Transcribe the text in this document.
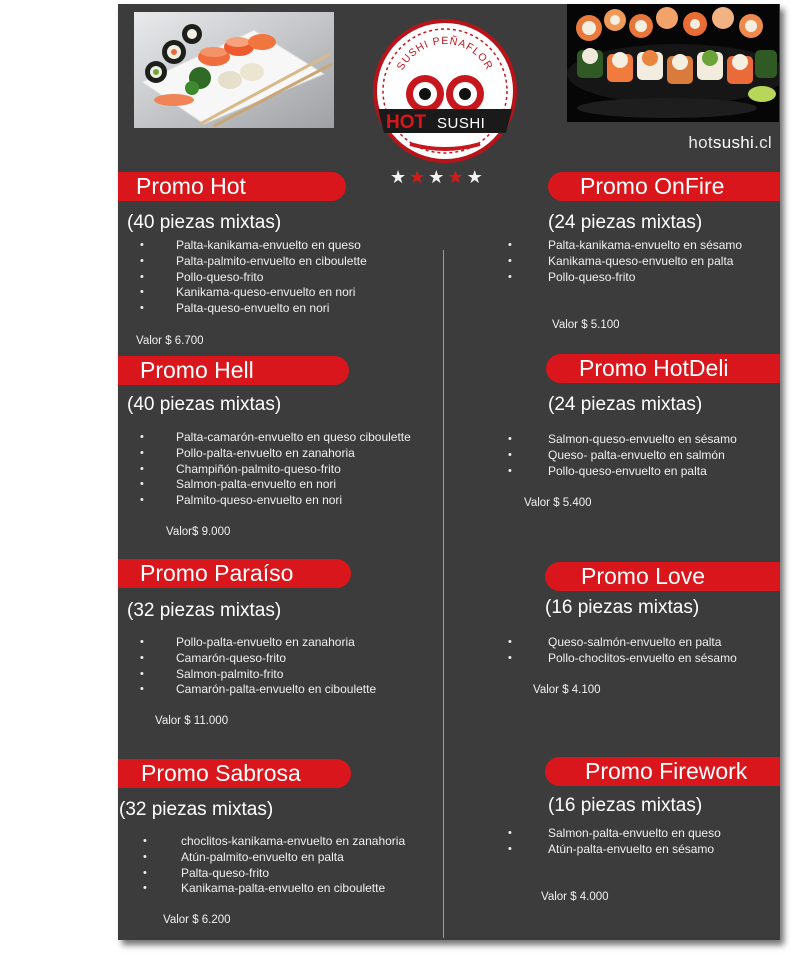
SUSHI PEÑAFLOR
HOT SUSHI
hotsushi.cl
★★★★★
Promo Hot
(40 piezas mixtas)
• Palta-kanikama-envuelto en queso
• Palta-palmito-envuelto en ciboulette
• Pollo-queso-frito
• Kanikama-queso-envuelto en nori
• Palta-queso-envuelto en nori
Valor $ 6.700
Promo Hell
(40 piezas mixtas)
• Palta-camarón-envuelto en queso ciboulette
• Pollo-palta-envuelto en zanahoria
• Champiñón-palmito-queso-frito
• Salmon-palta-envuelto en nori
• Palmito-queso-envuelto en nori
Valor$ 9.000
Promo Paraíso
(32 piezas mixtas)
• Pollo-palta-envuelto en zanahoria
• Camarón-queso-frito
• Salmon-palmito-frito
• Camarón-palta-envuelto en ciboulette
Valor $ 11.000
Promo Sabrosa
(32 piezas mixtas)
• choclitos-kanikama-envuelto en zanahoria
• Atún-palmito-envuelto en palta
• Palta-queso-frito
• Kanikama-palta-envuelto en ciboulette
Valor $ 6.200
Promo OnFire
(24 piezas mixtas)
• Palta-kanikama-envuelto en sésamo
• Kanikama-queso-envuelto en palta
• Pollo-queso-frito
Valor $ 5.100
Promo HotDeli
(24 piezas mixtas)
• Salmon-queso-envuelto en sésamo
• Queso- palta-envuelto en salmón
• Pollo-queso-envuelto en palta
Valor $ 5.400
Promo Love
(16 piezas mixtas)
• Queso-salmón-envuelto en palta
• Pollo-choclitos-envuelto en sésamo
Valor $ 4.100
Promo Firework
(16 piezas mixtas)
• Salmon-palta-envuelto en queso
• Atún-palta-envuelto en sésamo
Valor $ 4.000
